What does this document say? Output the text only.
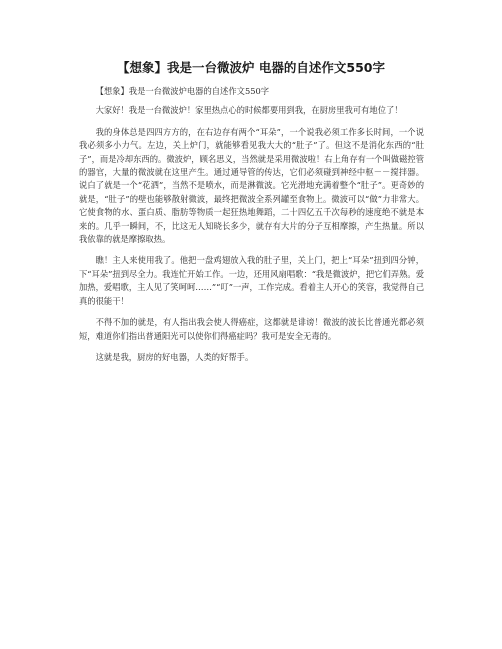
【想象】我是一台微波炉 电器的自述作文550字

【想象】我是一台微波炉电器的自述作文550字

大家好！我是一台微波炉！家里热点心的时候都要用到我，在厨房里我可有地位了！

我的身体总是四四方方的，在右边存有两个“耳朵”，一个说我必须工作多长时间，一个说我必须多小力气。左边，关上炉门，就能够看见我大大的“肚子”了。但这不是消化东西的“肚子”，而是冷却东西的。微波炉，顾名思义，当然就是采用微波啦！右上角存有一个叫做磁控管的器官，大量的微波就在这里产生。通过通导管的传达，它们必须碰到神经中枢－－搅拌器。说白了就是一个“花洒”，当然不是喷水，而是淋微波。它光滑地充满着整个“肚子”。更奇妙的就是，“肚子”的壁也能够散射微波，最终把微波全系列罐至食物上。微波可以“做”力非常大。它使食物的水、蛋白质、脂肪等物质一起狂热地舞蹈，二十四亿五千次每秒的速度绝不就是本来的。几乎一瞬间，不，比这无人知晓长多少，就存有大片的分子互相摩擦，产生热量。所以我依靠的就是摩擦取热。

瞧！主人来使用我了。他把一盘鸡翅放入我的肚子里，关上门，把上“耳朵”扭到四分钟，下“耳朵”扭到尽全力。我连忙开始工作。一边，还用风扇唱歌：“我是微波炉，把它们弄熟。爱加热，爱唱歌，主人见了笑呵呵……”“叮”一声，工作完成。看着主人开心的笑容，我觉得自己真的很能干！

不得不加的就是，有人指出我会使人得癌症，这都就是诽谤！微波的波长比普通光都必须短，难道你们指出普通阳光可以使你们得癌症吗？我可是安全无毒的。

这就是我，厨房的好电器，人类的好帮手。
